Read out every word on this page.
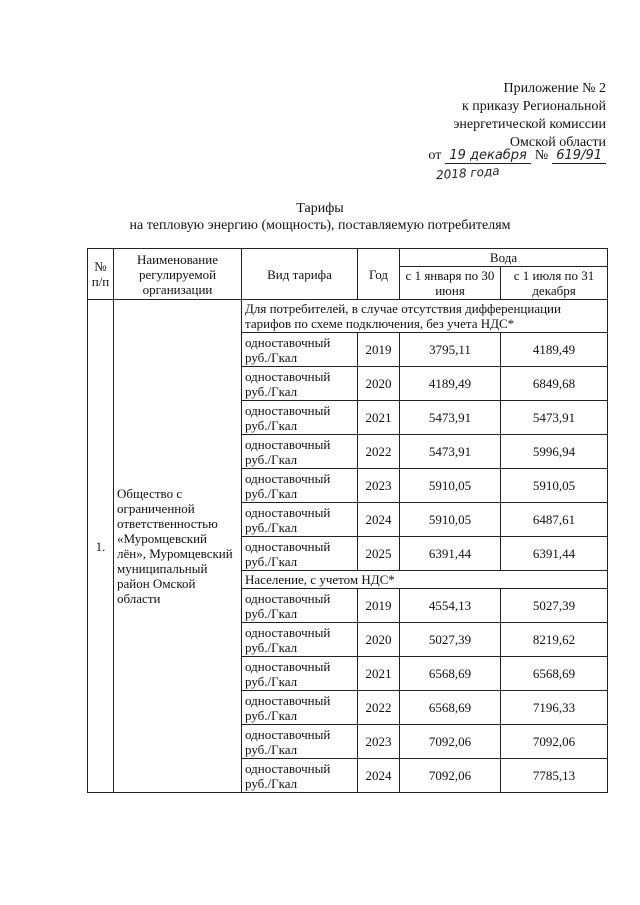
Приложение № 2
к приказу Региональной
энергетической комиссии
Омской области
от 19 декабря № 619/91
2018 года
Тарифы
на тепловую энергию (мощность), поставляемую потребителям
№ п/п	Наименование регулируемой организации	Вид тарифа	Год	Вода	
				с 1 января по 30 июня	с 1 июля по 31 декабря
1.	Общество с ограниченной ответственностью «Муромцевский лён», Муромцевский муниципальный район Омской области	Для потребителей, в случае отсутствия дифференциации тарифов по схеме подключения, без учета НДС*			
		одноставочный руб./Гкал	2019	3795,11	4189,49
		одноставочный руб./Гкал	2020	4189,49	6849,68
		одноставочный руб./Гкал	2021	5473,91	5473,91
		одноставочный руб./Гкал	2022	5473,91	5996,94
		одноставочный руб./Гкал	2023	5910,05	5910,05
		одноставочный руб./Гкал	2024	5910,05	6487,61
		одноставочный руб./Гкал	2025	6391,44	6391,44
		Население, с учетом НДС*			
		одноставочный руб./Гкал	2019	4554,13	5027,39
		одноставочный руб./Гкал	2020	5027,39	8219,62
		одноставочный руб./Гкал	2021	6568,69	6568,69
		одноставочный руб./Гкал	2022	6568,69	7196,33
		одноставочный руб./Гкал	2023	7092,06	7092,06
		одноставочный руб./Гкал	2024	7092,06	7785,13
